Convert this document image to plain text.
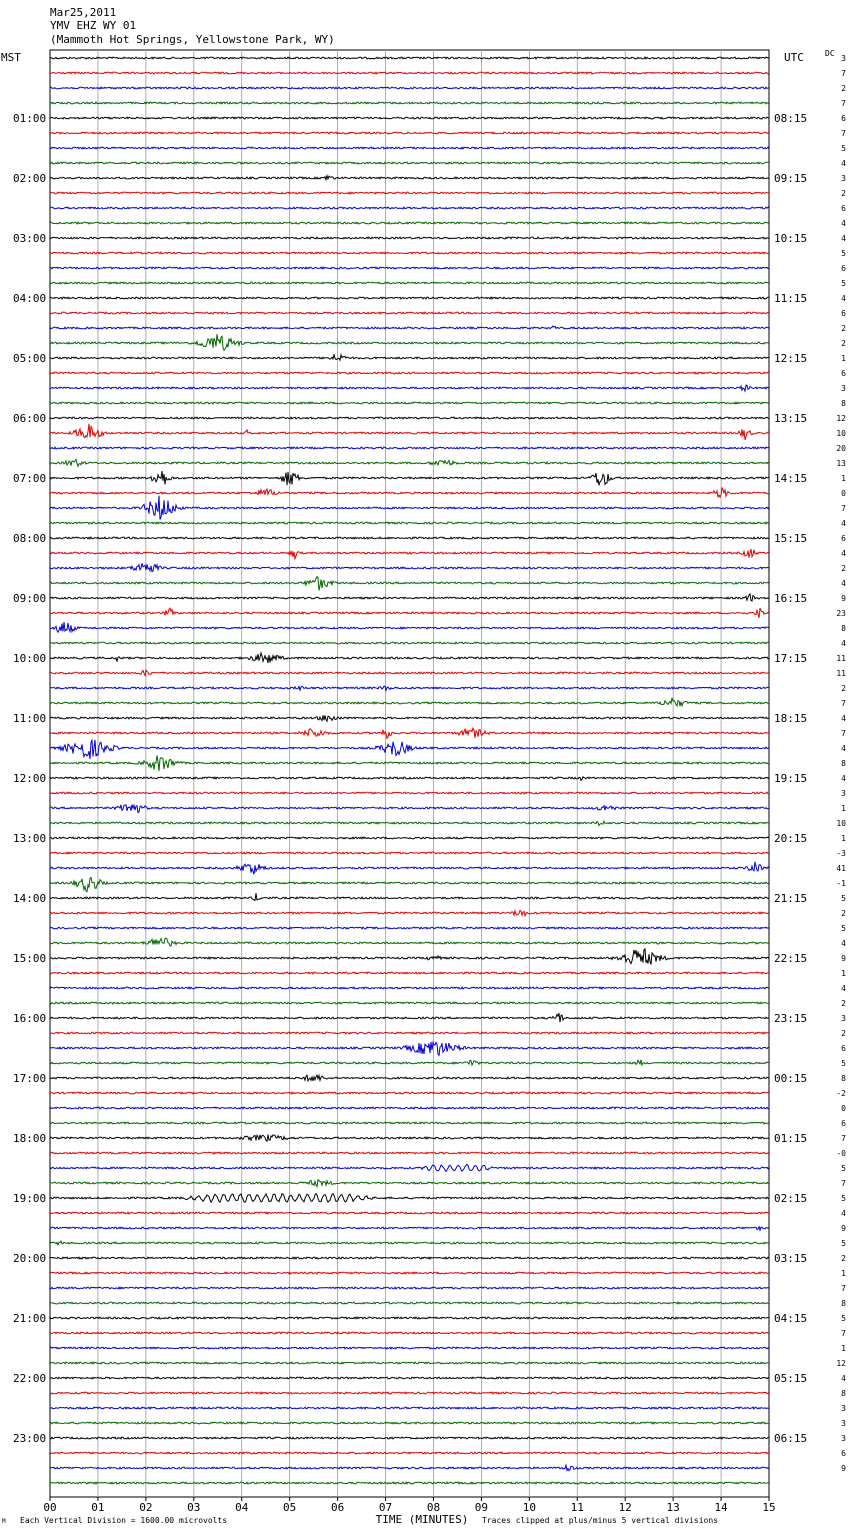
Mar25,2011
YMV EHZ WY 01
(Mammoth Hot Springs, Yellowstone Park, WY)
MST	UTC	DC
01:00
02:00
03:00
04:00
05:00
06:00
07:00
08:00
09:00
10:00
11:00
12:00
13:00
14:00
15:00
16:00
17:00
18:00
19:00
20:00
21:00
22:00
23:00
08:15
09:15
10:15
11:15
12:15
13:15
14:15
15:15
16:15
17:15
18:15
19:15
20:15
21:15
22:15
23:15
00:15
01:15
02:15
03:15
04:15
05:15
06:15
3
7
2
7
6
7
5
4
3
2
6
4
4
5
6
5
4
6
2
2
1
6
3
8
12
10
20
13
1
0
7
4
6
4
2
4
9
23
8
4
11
11
2
7
4
7
4
8
4
3
1
10
1
-3
41
-1
5
2
5
4
9
1
4
2
3
2
6
5
8
-2
0
6
7
-0
5
7
5
4
9
5
2
1
7
8
5
7
1
12
4
8
3
3
3
6
9
00	01	02	03	04	05	06	07	08	09	10	11	12	13	14	15
TIME (MINUTES)
Each Vertical Division = 1600.00 microvolts	Traces clipped at plus/minus 5 vertical divisions
M
